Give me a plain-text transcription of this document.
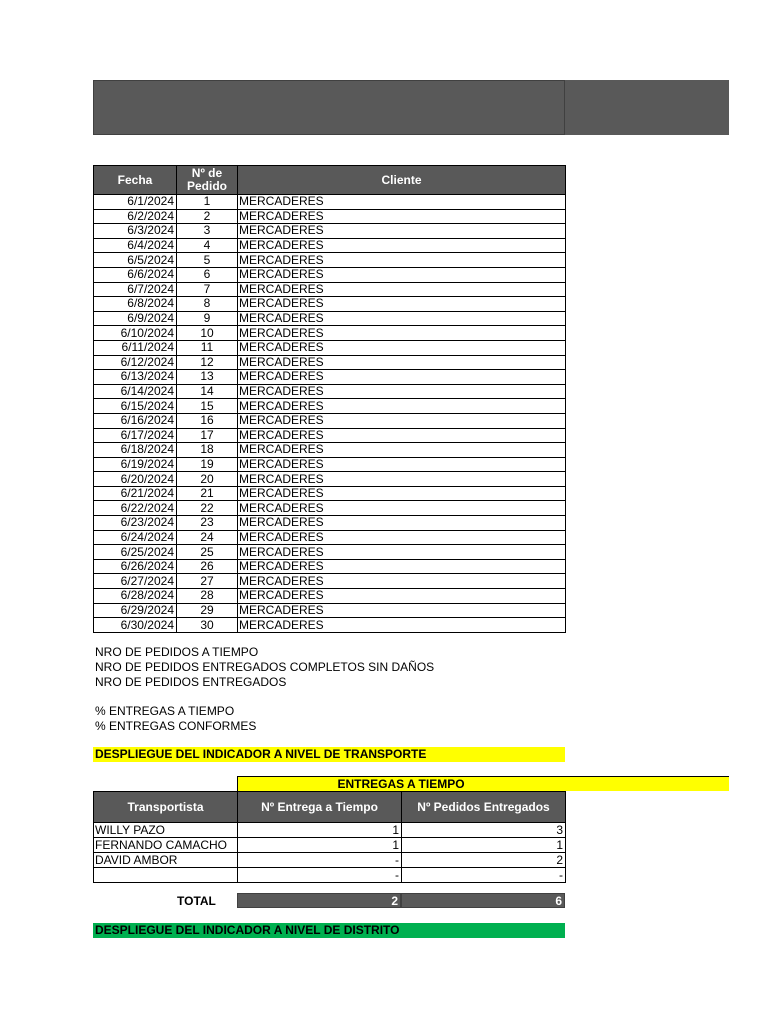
Fecha	Nº de Pedido	Cliente
6/1/2024	1	MERCADERES
6/2/2024	2	MERCADERES
6/3/2024	3	MERCADERES
6/4/2024	4	MERCADERES
6/5/2024	5	MERCADERES
6/6/2024	6	MERCADERES
6/7/2024	7	MERCADERES
6/8/2024	8	MERCADERES
6/9/2024	9	MERCADERES
6/10/2024	10	MERCADERES
6/11/2024	11	MERCADERES
6/12/2024	12	MERCADERES
6/13/2024	13	MERCADERES
6/14/2024	14	MERCADERES
6/15/2024	15	MERCADERES
6/16/2024	16	MERCADERES
6/17/2024	17	MERCADERES
6/18/2024	18	MERCADERES
6/19/2024	19	MERCADERES
6/20/2024	20	MERCADERES
6/21/2024	21	MERCADERES
6/22/2024	22	MERCADERES
6/23/2024	23	MERCADERES
6/24/2024	24	MERCADERES
6/25/2024	25	MERCADERES
6/26/2024	26	MERCADERES
6/27/2024	27	MERCADERES
6/28/2024	28	MERCADERES
6/29/2024	29	MERCADERES
6/30/2024	30	MERCADERES
NRO DE PEDIDOS A TIEMPO
NRO DE PEDIDOS ENTREGADOS COMPLETOS SIN DAÑOS
NRO DE PEDIDOS ENTREGADOS
% ENTREGAS A TIEMPO
% ENTREGAS CONFORMES
DESPLIEGUE DEL INDICADOR A NIVEL DE TRANSPORTE
ENTREGAS A TIEMPO
Transportista	Nº Entrega a Tiempo	Nº Pedidos Entregados
WILLY PAZO	1	3
FERNANDO CAMACHO	1	1
DAVID AMBOR	-	2
	-	-
TOTAL	2	6
DESPLIEGUE DEL INDICADOR A NIVEL DE DISTRITO
